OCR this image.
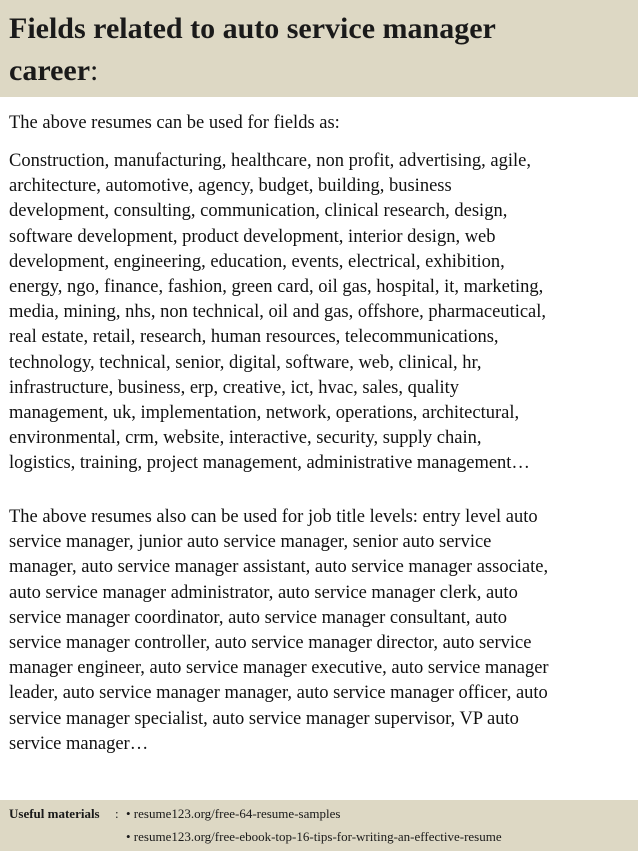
Fields related to auto service manager
career:

The above resumes can be used for fields as:

Construction, manufacturing, healthcare, non profit, advertising, agile,
architecture, automotive, agency, budget, building, business
development, consulting, communication, clinical research, design,
software development, product development, interior design, web
development, engineering, education, events, electrical, exhibition,
energy, ngo, finance, fashion, green card, oil gas, hospital, it, marketing,
media, mining, nhs, non technical, oil and gas, offshore, pharmaceutical,
real estate, retail, research, human resources, telecommunications,
technology, technical, senior, digital, software, web, clinical, hr,
infrastructure, business, erp, creative, ict, hvac, sales, quality
management, uk, implementation, network, operations, architectural,
environmental, crm, website, interactive, security, supply chain,
logistics, training, project management, administrative management…

The above resumes also can be used for job title levels: entry level auto
service manager, junior auto service manager, senior auto service
manager, auto service manager assistant, auto service manager associate,
auto service manager administrator, auto service manager clerk, auto
service manager coordinator, auto service manager consultant, auto
service manager controller, auto service manager director, auto service
manager engineer, auto service manager executive, auto service manager
leader, auto service manager manager, auto service manager officer, auto
service manager specialist, auto service manager supervisor, VP auto
service manager…

Useful materials : • resume123.org/free-64-resume-samples
• resume123.org/free-ebook-top-16-tips-for-writing-an-effective-resume
